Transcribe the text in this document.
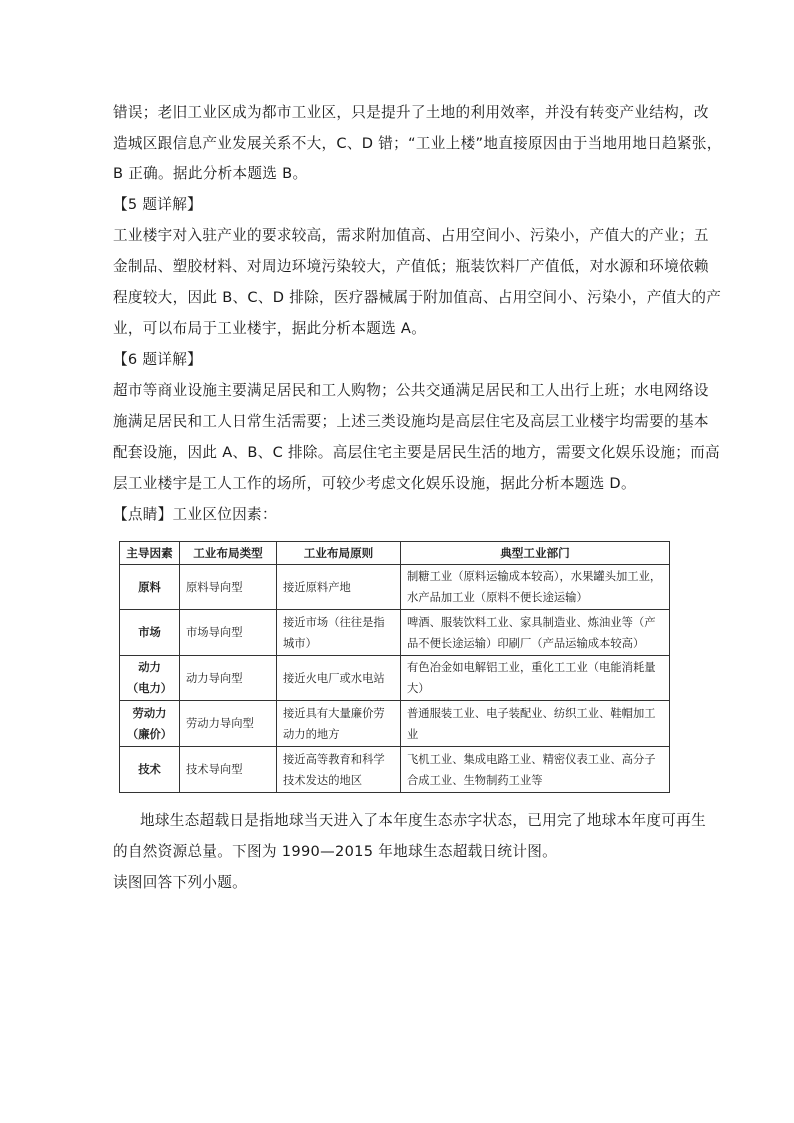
错误；老旧工业区成为都市工业区，只是提升了土地的利用效率，并没有转变产业结构，改
造城区跟信息产业发展关系不大，C、D 错；“工业上楼”地直接原因由于当地用地日趋紧张，
B 正确。据此分析本题选 B。
【5 题详解】
工业楼宇对入驻产业的要求较高，需求附加值高、占用空间小、污染小，产值大的产业；五
金制品、塑胶材料、对周边环境污染较大，产值低；瓶装饮料厂产值低，对水源和环境依赖
程度较大，因此 B、C、D 排除，医疗器械属于附加值高、占用空间小、污染小，产值大的产
业，可以布局于工业楼宇，据此分析本题选 A。
【6 题详解】
超市等商业设施主要满足居民和工人购物；公共交通满足居民和工人出行上班；水电网络设
施满足居民和工人日常生活需要；上述三类设施均是高层住宅及高层工业楼宇均需要的基本
配套设施，因此 A、B、C 排除。高层住宅主要是居民生活的地方，需要文化娱乐设施；而高
层工业楼宇是工人工作的场所，可较少考虑文化娱乐设施，据此分析本题选 D。
【点睛】工业区位因素：
主导因素	工业布局类型	工业布局原则	典型工业部门

原料	原料导向型	接近原料产地	制糖工业（原料运输成本较高），水果罐头加工业，水产品加工业（原料不便长途运输）

市场	市场导向型	接近市场（往往是指城市）	啤酒、服装饮料工业、家具制造业、炼油业等（产品不便长途运输）印刷厂（产品运输成本较高）

动力
（电力）	动力导向型	接近火电厂或水电站	有色冶金如电解铝工业，重化工工业（电能消耗量大）

劳动力
（廉价）	劳动力导向型	接近具有大量廉价劳动力的地方	普通服装工业、电子装配业、纺织工业、鞋帽加工业

技术	技术导向型	接近高等教育和科学技术发达的地区	飞机工业、集成电路工业、精密仪表工业、高分子合成工业、生物制药工业等
地球生态超载日是指地球当天进入了本年度生态赤字状态，已用完了地球本年度可再生
的自然资源总量。下图为 1990—2015 年地球生态超载日统计图。
读图回答下列小题。
